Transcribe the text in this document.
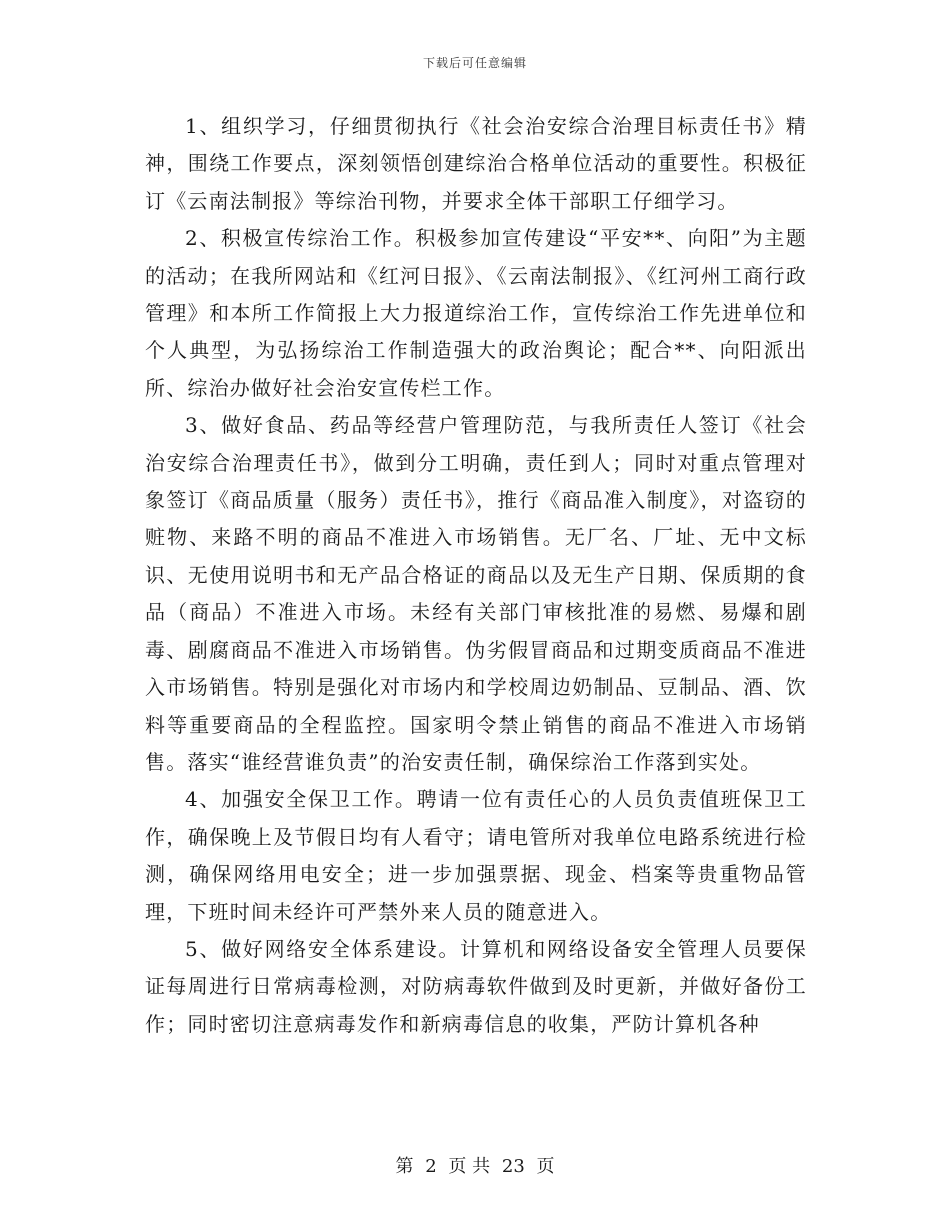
下载后可任意编辑

1、组织学习，仔细贯彻执行《社会治安综合治理目标责任书》精神，围绕工作要点，深刻领悟创建综治合格单位活动的重要性。积极征订《云南法制报》等综治刊物，并要求全体干部职工仔细学习。

2、积极宣传综治工作。积极参加宣传建设“平安**、向阳”为主题的活动；在我所网站和《红河日报》、《云南法制报》、《红河州工商行政管理》和本所工作简报上大力报道综治工作，宣传综治工作先进单位和个人典型，为弘扬综治工作制造强大的政治舆论；配合**、向阳派出所、综治办做好社会治安宣传栏工作。

3、做好食品、药品等经营户管理防范，与我所责任人签订《社会治安综合治理责任书》，做到分工明确，责任到人；同时对重点管理对象签订《商品质量（服务）责任书》，推行《商品准入制度》，对盗窃的赃物、来路不明的商品不准进入市场销售。无厂名、厂址、无中文标识、无使用说明书和无产品合格证的商品以及无生产日期、保质期的食品（商品）不准进入市场。未经有关部门审核批准的易燃、易爆和剧毒、剧腐商品不准进入市场销售。伪劣假冒商品和过期变质商品不准进入市场销售。特别是强化对市场内和学校周边奶制品、豆制品、酒、饮料等重要商品的全程监控。国家明令禁止销售的商品不准进入市场销售。落实“谁经营谁负责”的治安责任制，确保综治工作落到实处。

4、加强安全保卫工作。聘请一位有责任心的人员负责值班保卫工作，确保晚上及节假日均有人看守；请电管所对我单位电路系统进行检测，确保网络用电安全；进一步加强票据、现金、档案等贵重物品管理，下班时间未经许可严禁外来人员的随意进入。

5、做好网络安全体系建设。计算机和网络设备安全管理人员要保证每周进行日常病毒检测，对防病毒软件做到及时更新，并做好备份工作；同时密切注意病毒发作和新病毒信息的收集，严防计算机各种

第 2 页 共 23 页
